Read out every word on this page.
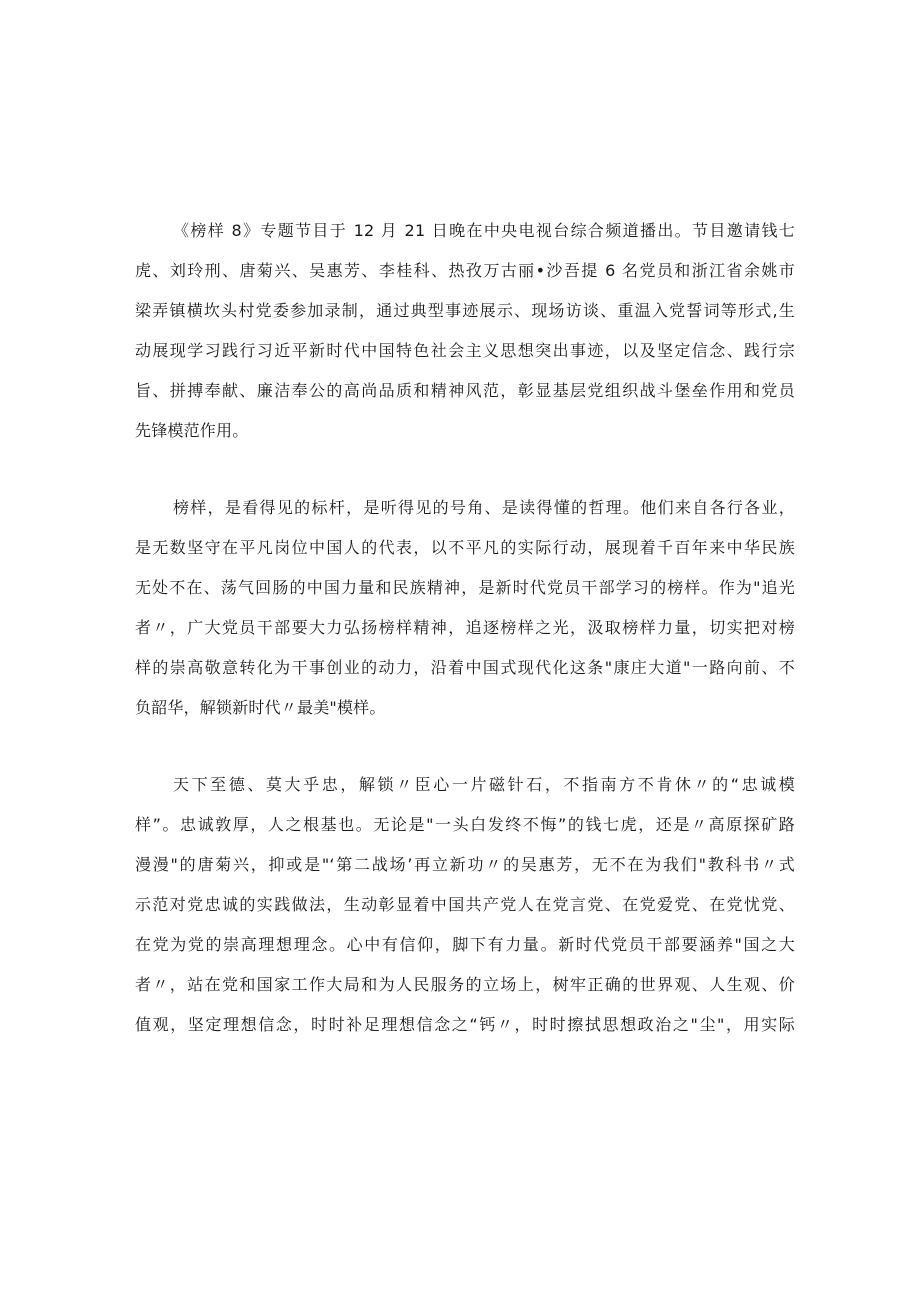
《榜样 8》专题节目于 12 月 21 日晚在中央电视台综合频道播出。节目邀请钱七
虎、刘玲刑、唐菊兴、吴惠芳、李桂科、热孜万古丽•沙吾提 6 名党员和浙江省余姚市
梁弄镇横坎头村党委参加录制，通过典型事迹展示、现场访谈、重温入党誓词等形式,生
动展现学习践行习近平新时代中国特色社会主义思想突出事迹，以及坚定信念、践行宗
旨、拼搏奉献、廉洁奉公的高尚品质和精神风范，彰显基层党组织战斗堡垒作用和党员
先锋模范作用。
榜样，是看得见的标杆，是听得见的号角、是读得懂的哲理。他们来自各行各业，
是无数坚守在平凡岗位中国人的代表，以不平凡的实际行动，展现着千百年来中华民族
无处不在、荡气回肠的中国力量和民族精神，是新时代党员干部学习的榜样。作为"追光
者〃，广大党员干部要大力弘扬榜样精神，追逐榜样之光，汲取榜样力量，切实把对榜
样的崇高敬意转化为干事创业的动力，沿着中国式现代化这条"康庄大道"一路向前、不
负韶华，解锁新时代〃最美"模样。
天下至德、莫大乎忠，解锁〃臣心一片磁针石，不指南方不肯休〃的“忠诚模
样”。忠诚敦厚，人之根基也。无论是"一头白发终不悔”的钱七虎，还是〃高原探矿路
漫漫"的唐菊兴，抑或是"‘第二战场’再立新功〃的吴惠芳，无不在为我们"教科书〃式
示范对党忠诚的实践做法，生动彰显着中国共产党人在党言党、在党爱党、在党忧党、
在党为党的崇高理想理念。心中有信仰，脚下有力量。新时代党员干部要涵养"国之大
者〃，站在党和国家工作大局和为人民服务的立场上，树牢正确的世界观、人生观、价
值观，坚定理想信念，时时补足理想信念之“钙〃，时时擦拭思想政治之"尘"，用实际
